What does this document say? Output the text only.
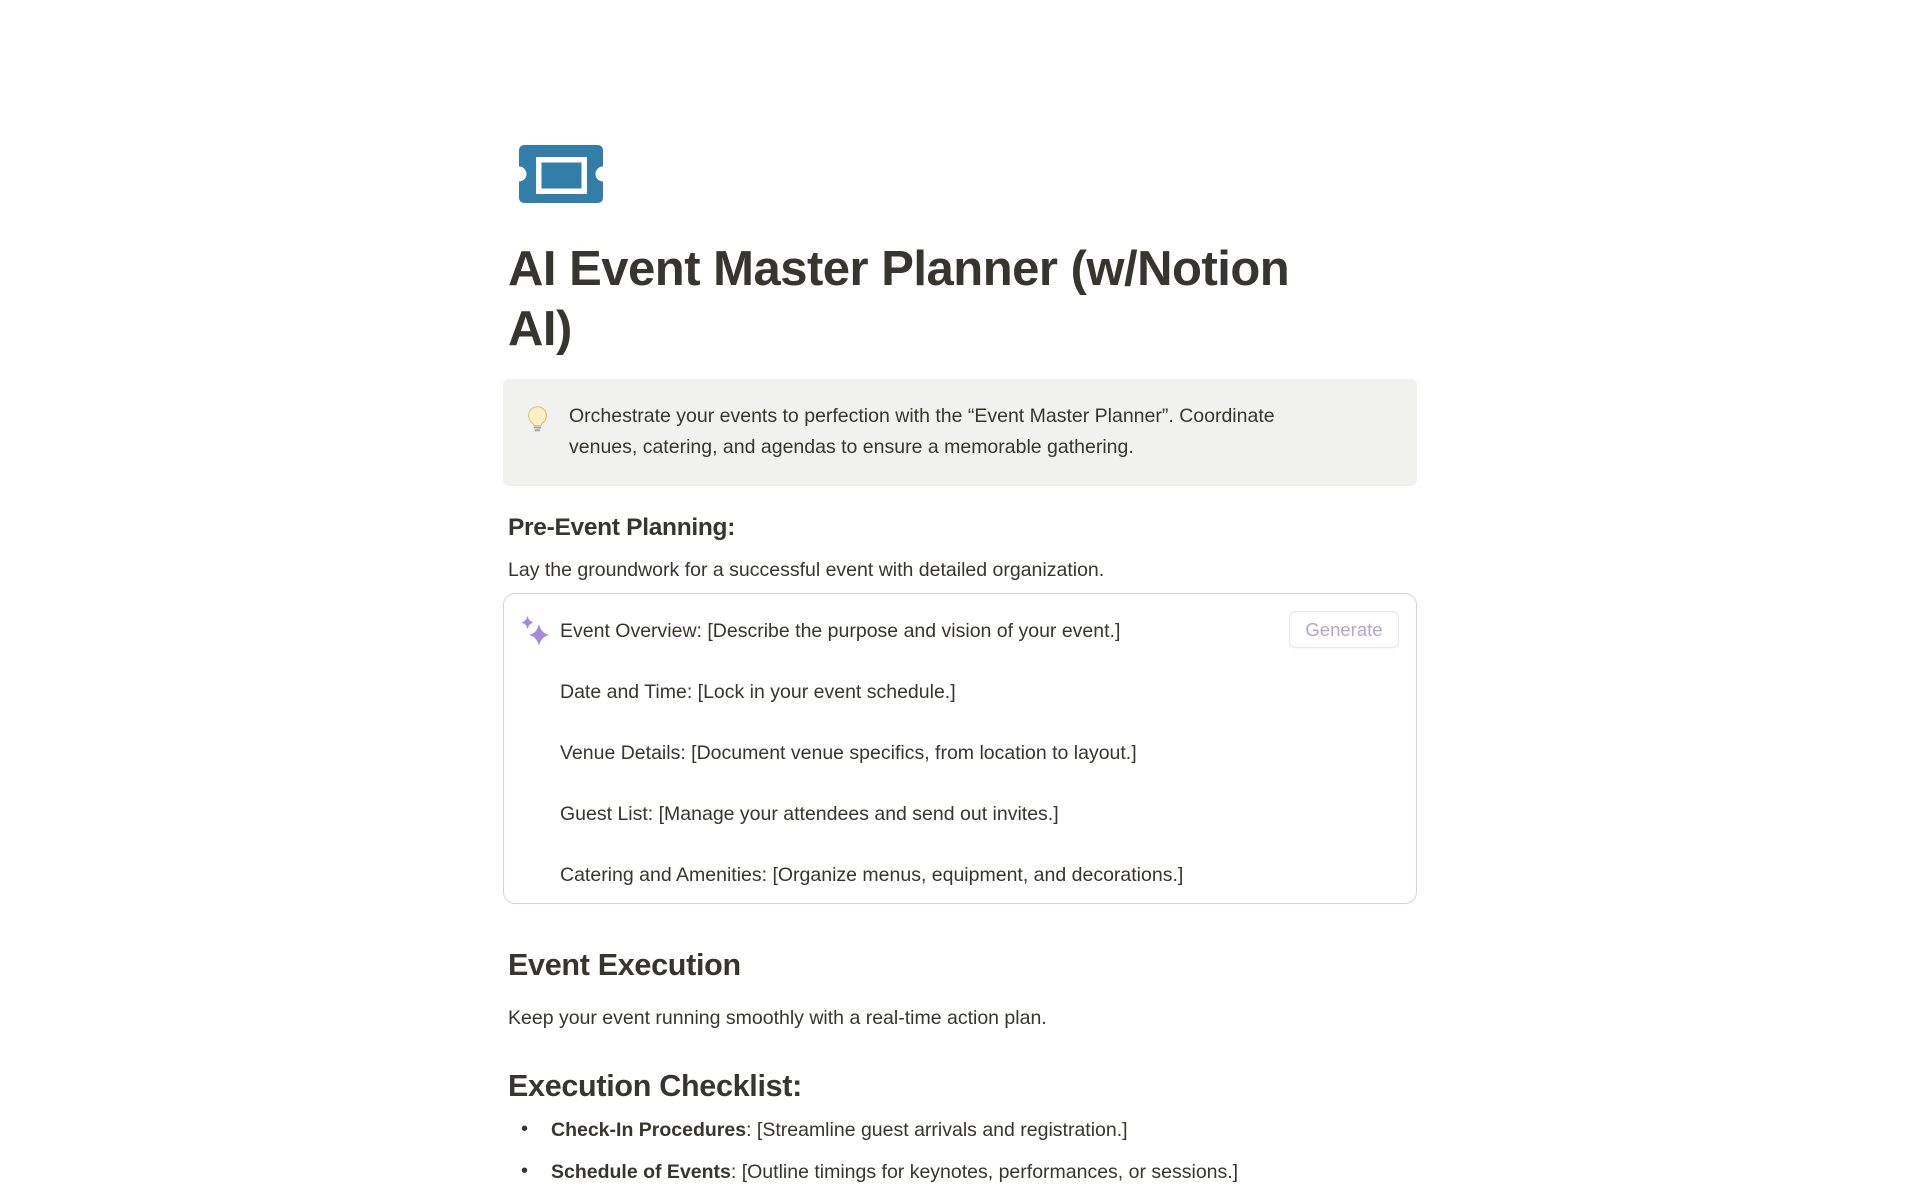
AI Event Master Planner (w/Notion
AI)
Orchestrate your events to perfection with the “Event Master Planner”. Coordinate
venues, catering, and agendas to ensure a memorable gathering.
Pre-Event Planning:

Lay the groundwork for a successful event with detailed organization.

Generate
Event Overview: [Describe the purpose and vision of your event.]
Date and Time: [Lock in your event schedule.]
Venue Details: [Document venue specifics, from location to layout.]
Guest List: [Manage your attendees and send out invites.]
Catering and Amenities: [Organize menus, equipment, and decorations.]
Event Execution

Keep your event running smoothly with a real-time action plan.

Execution Checklist:
• Check-In Procedures: [Streamline guest arrivals and registration.]
• Schedule of Events: [Outline timings for keynotes, performances, or sessions.]
